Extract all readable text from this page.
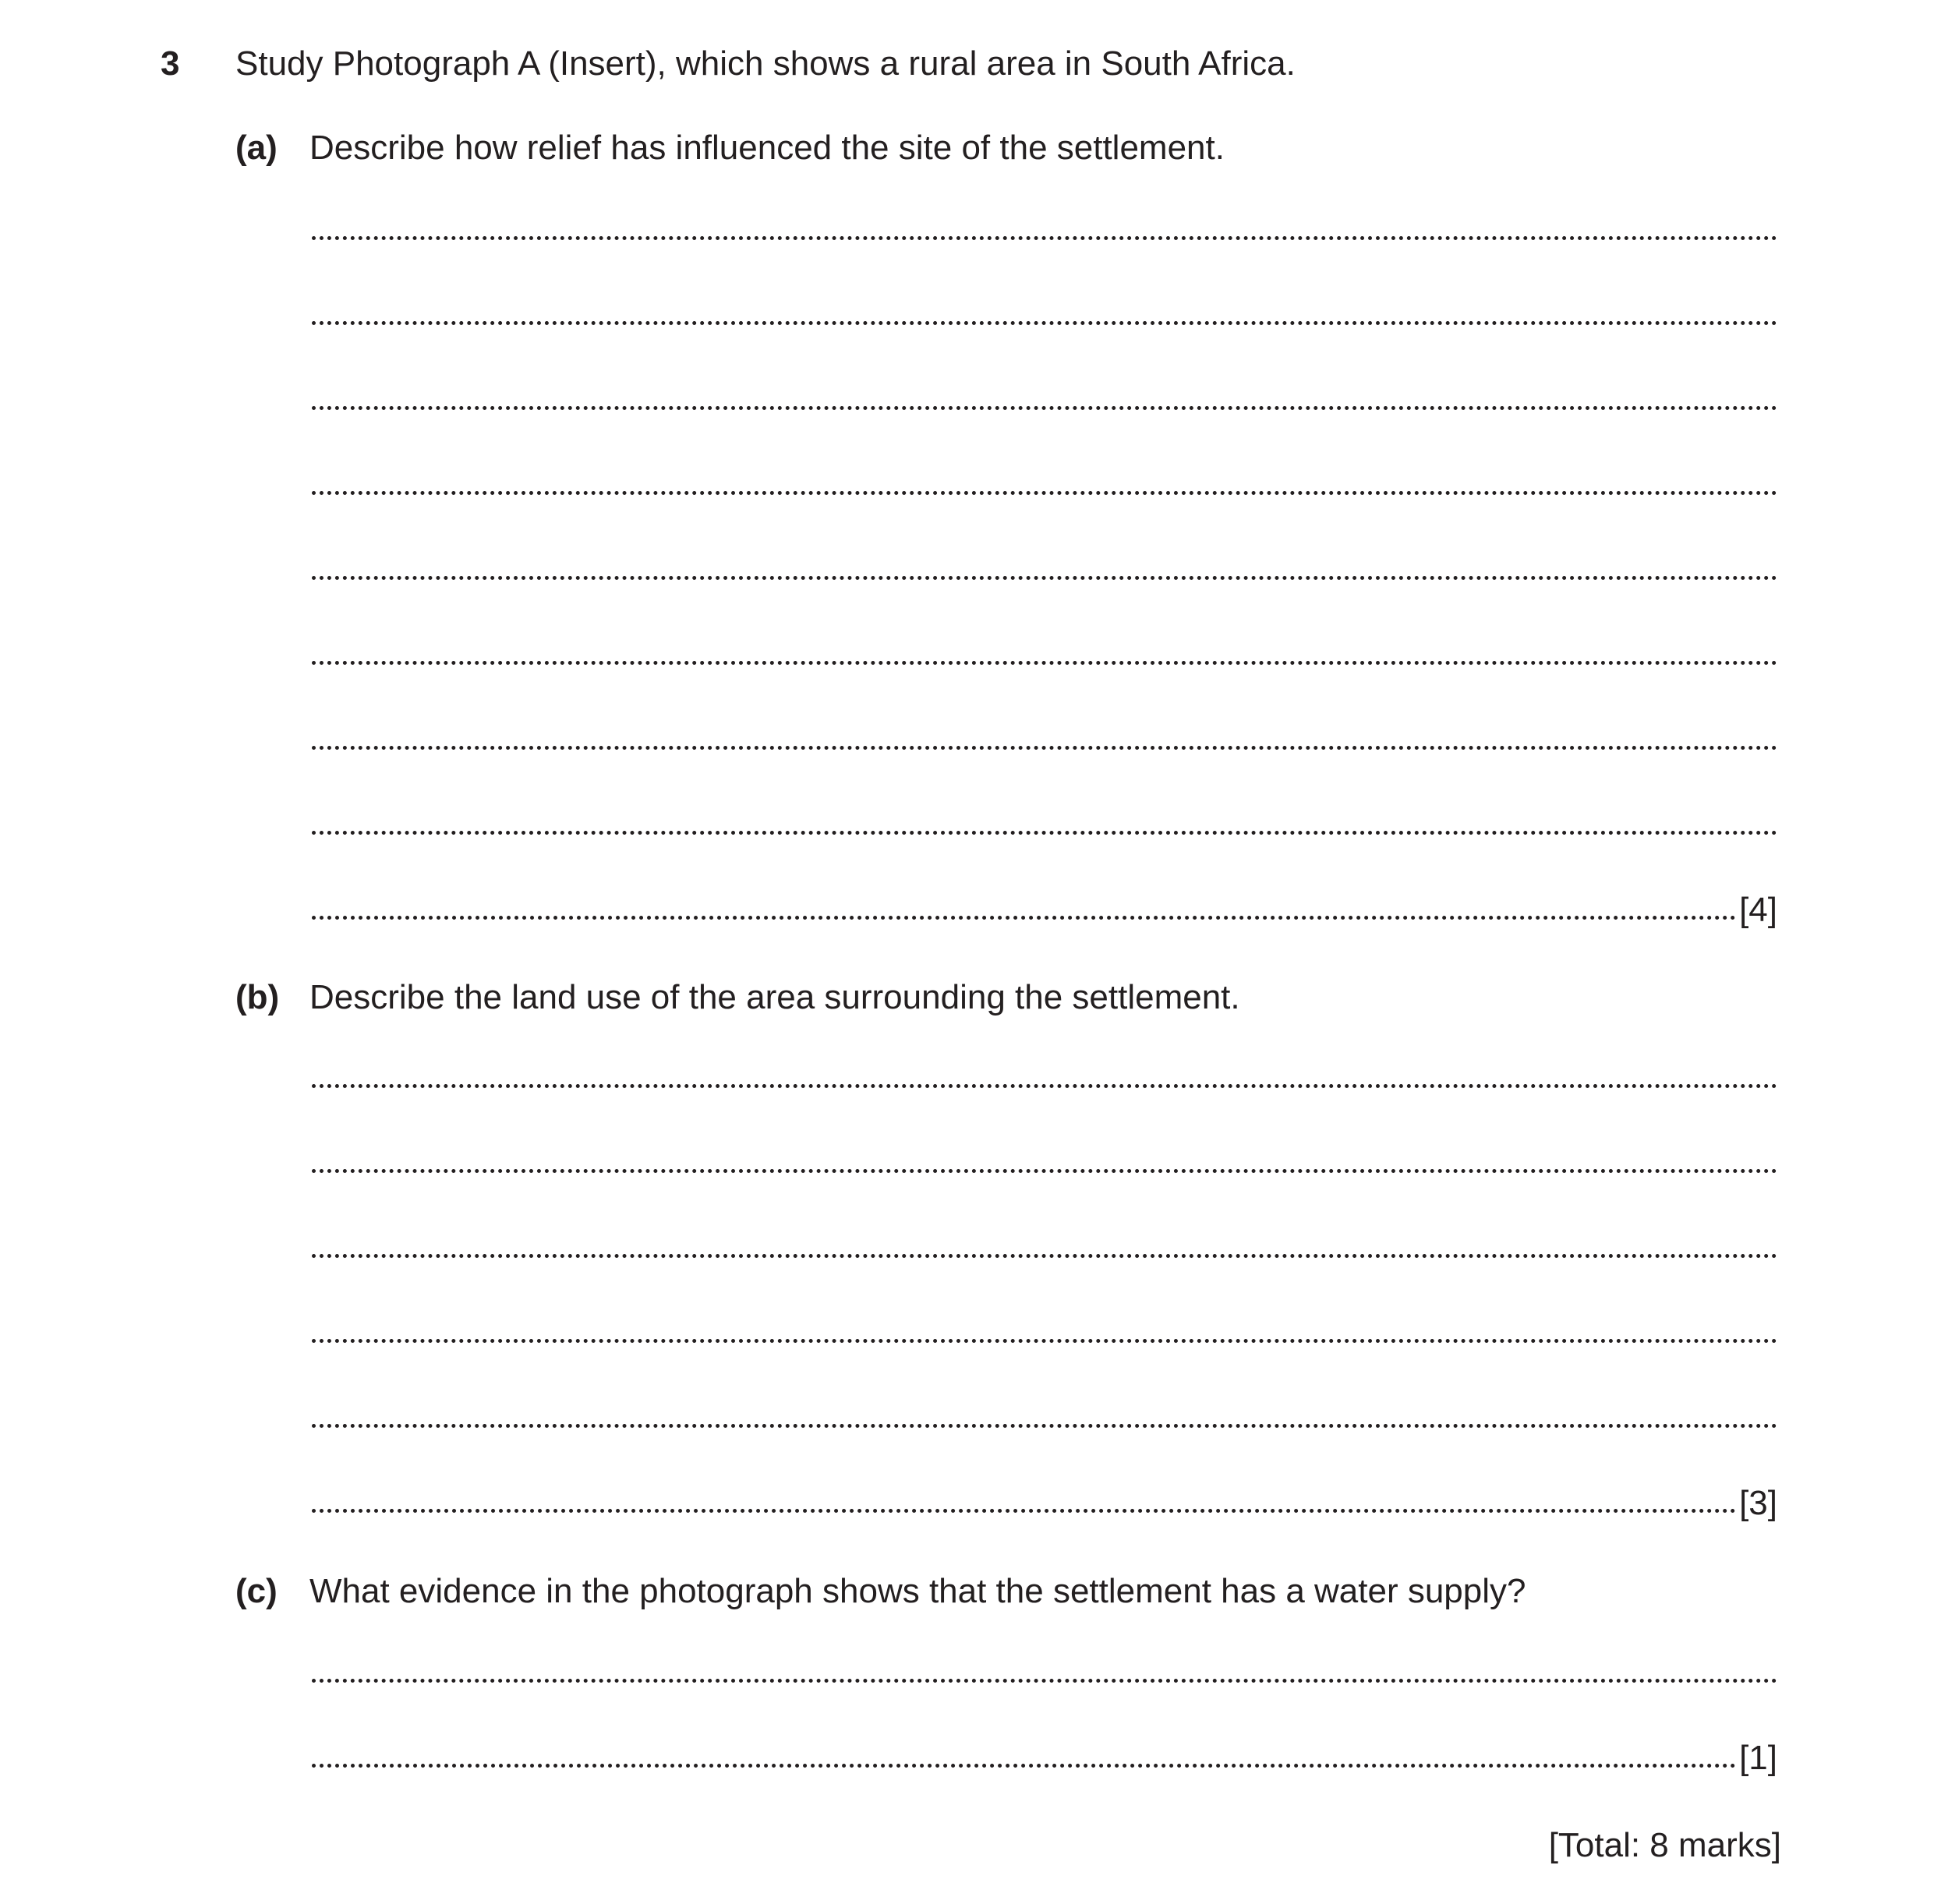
3 Study Photograph A (Insert), which shows a rural area in South Africa.
(a) Describe how relief has influenced the site of the settlement.
[4]
(b) Describe the land use of the area surrounding the settlement.
[3]
(c) What evidence in the photograph shows that the settlement has a water supply?
[1]
[Total: 8 marks]
